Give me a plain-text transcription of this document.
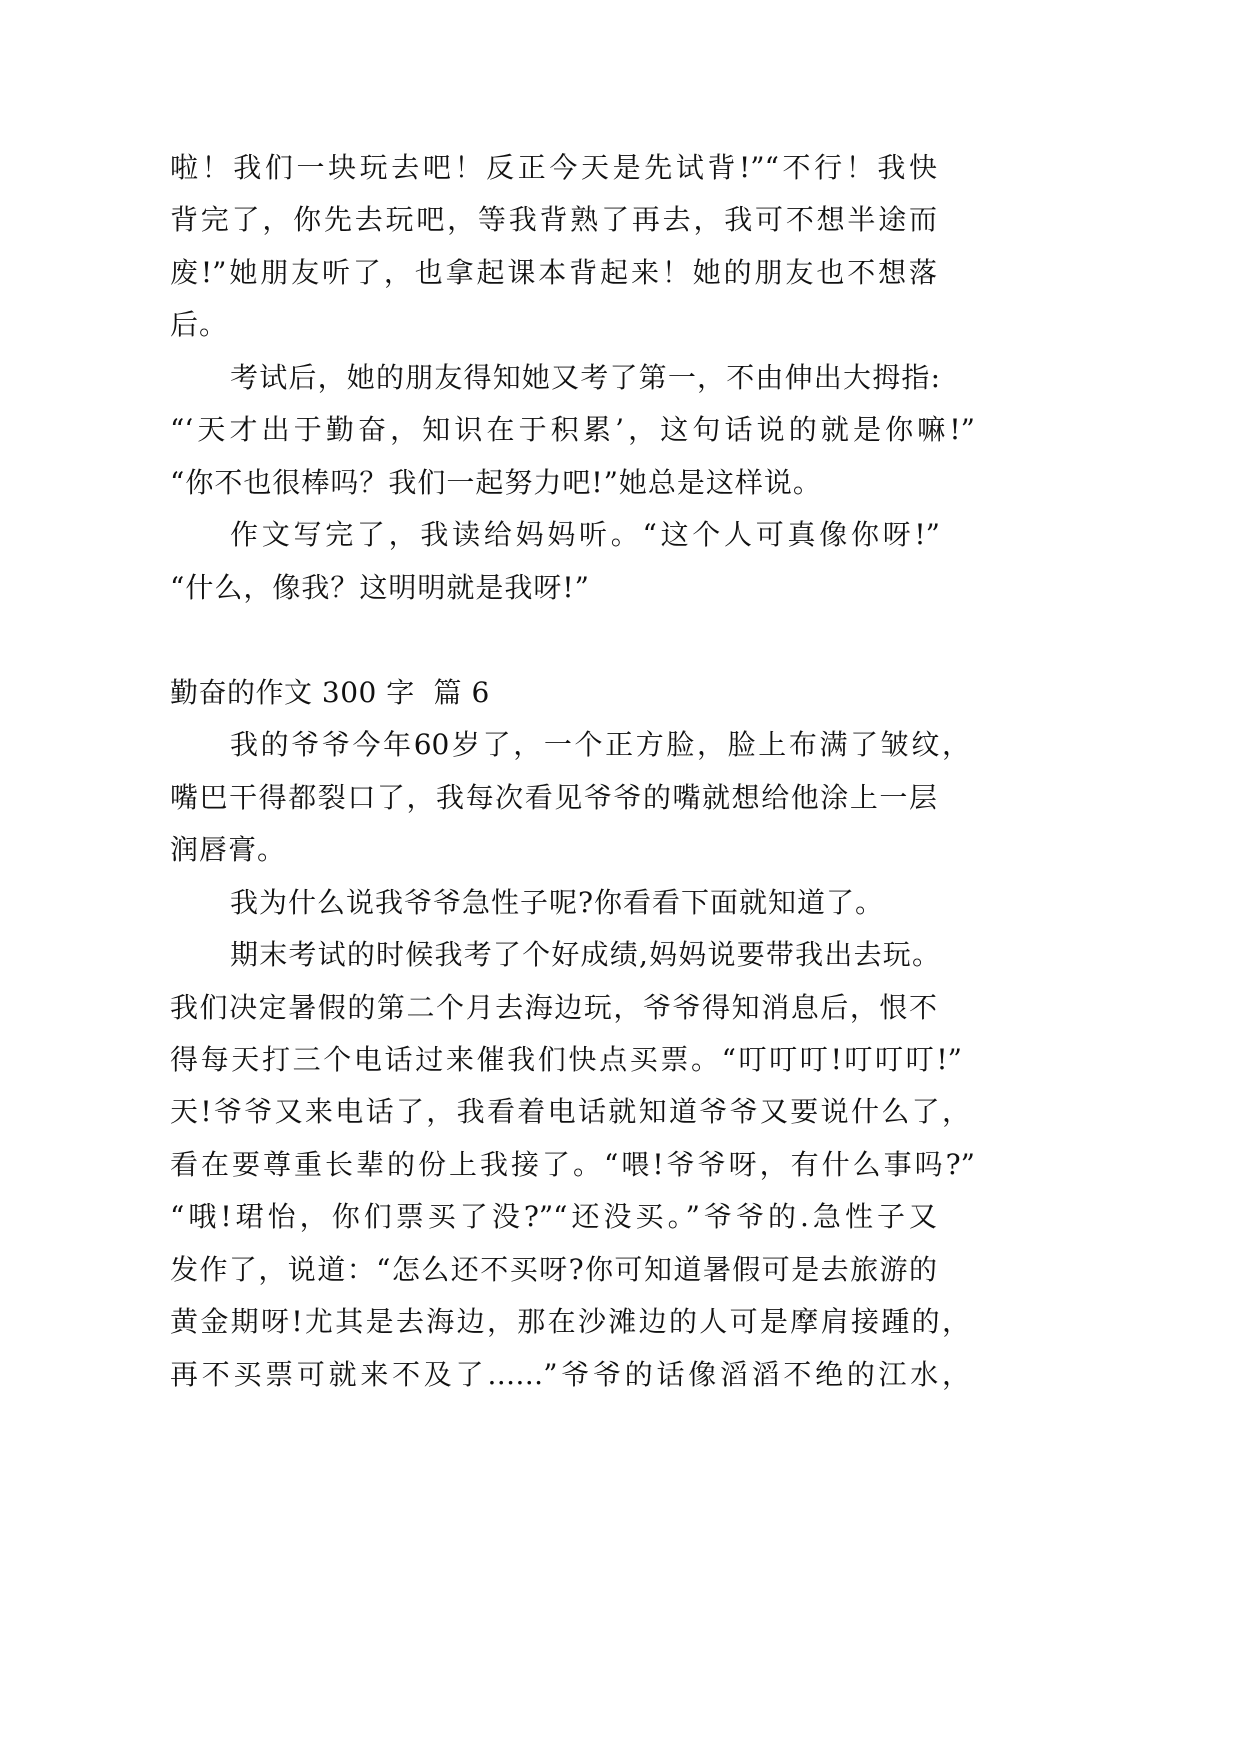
啦！我们一块玩去吧！反正今天是先试背!”“不行！我快
背完了，你先去玩吧，等我背熟了再去，我可不想半途而
废!”她朋友听了，也拿起课本背起来！她的朋友也不想落
后。
考试后，她的朋友得知她又考了第一，不由伸出大拇指:
“‘天才出于勤奋，知识在于积累’，这句话说的就是你嘛!”
“你不也很棒吗？我们一起努力吧!”她总是这样说。
作文写完了，我读给妈妈听。“这个人可真像你呀!”
“什么，像我？这明明就是我呀!”
勤奋的作文 300 字  篇 6
我的爷爷今年60岁了，一个正方脸，脸上布满了皱纹，
嘴巴干得都裂口了，我每次看见爷爷的嘴就想给他涂上一层
润唇膏。
我为什么说我爷爷急性子呢?你看看下面就知道了。
期末考试的时候我考了个好成绩,妈妈说要带我出去玩。
我们决定暑假的第二个月去海边玩，爷爷得知消息后，恨不
得每天打三个电话过来催我们快点买票。“叮叮叮!叮叮叮!”
天!爷爷又来电话了，我看着电话就知道爷爷又要说什么了，
看在要尊重长辈的份上我接了。“喂!爷爷呀，有什么事吗?”
“哦!珺怡，你们票买了没?”“还没买。”爷爷的.急性子又
发作了，说道：“怎么还不买呀?你可知道暑假可是去旅游的
黄金期呀!尤其是去海边，那在沙滩边的人可是摩肩接踵的，
再不买票可就来不及了……”爷爷的话像滔滔不绝的江水，
